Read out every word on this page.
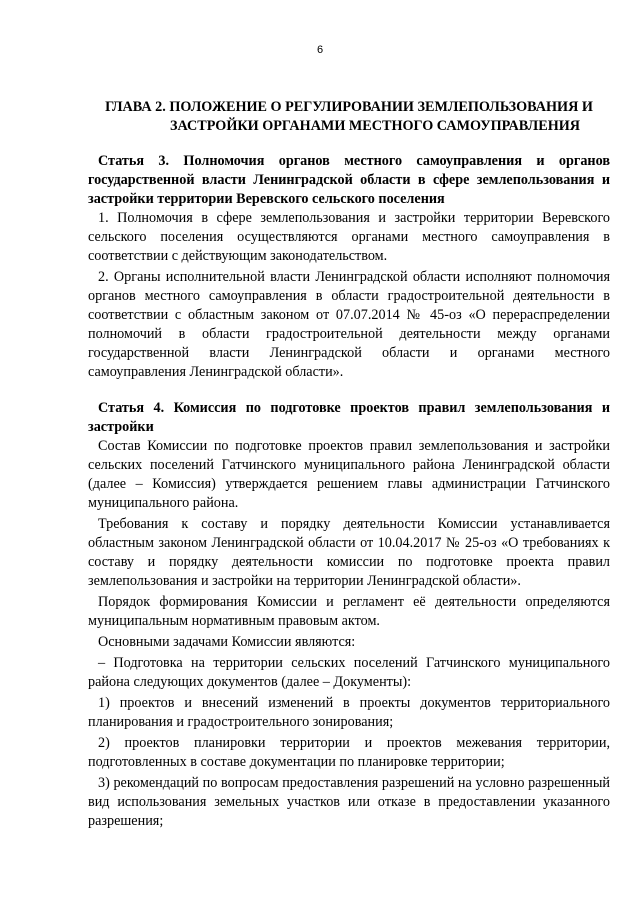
6
ГЛАВА 2. ПОЛОЖЕНИЕ О РЕГУЛИРОВАНИИ ЗЕМЛЕПОЛЬЗОВАНИЯ И
ЗАСТРОЙКИ ОРГАНАМИ МЕСТНОГО САМОУПРАВЛЕНИЯ

Статья 3. Полномочия органов местного самоуправления и органов государственной власти Ленинградской области в сфере землепользования и застройки территории Веревского сельского поселения

1. Полномочия в сфере землепользования и застройки территории Веревского сельского поселения осуществляются органами местного самоуправления в соответствии с действующим законодательством.

2. Органы исполнительной власти Ленинградской области исполняют полномочия органов местного самоуправления в области градостроительной деятельности в соответствии с областным законом от 07.07.2014 № 45-оз «О перераспределении полномочий в области градостроительной деятельности между органами государственной власти Ленинградской области и органами местного самоуправления Ленинградской области».

Статья 4. Комиссия по подготовке проектов правил землепользования и застройки

Состав Комиссии по подготовке проектов правил землепользования и застройки сельских поселений Гатчинского муниципального района Ленинградской области (далее – Комиссия) утверждается решением главы администрации Гатчинского муниципального района.

Требования к составу и порядку деятельности Комиссии устанавливается областным законом Ленинградской области от 10.04.2017 № 25-оз «О требованиях к составу и порядку деятельности комиссии по подготовке проекта правил землепользования и застройки на территории Ленинградской области».

Порядок формирования Комиссии и регламент её деятельности определяются муниципальным нормативным правовым актом.

Основными задачами Комиссии являются:

– Подготовка на территории сельских поселений Гатчинского муниципального района следующих документов (далее – Документы):

1) проектов и внесений изменений в проекты документов территориального планирования и градостроительного зонирования;

2) проектов планировки территории и проектов межевания территории, подготовленных в составе документации по планировке территории;

3) рекомендаций по вопросам предоставления разрешений на условно разрешенный вид использования земельных участков или отказе в предоставлении указанного разрешения;
